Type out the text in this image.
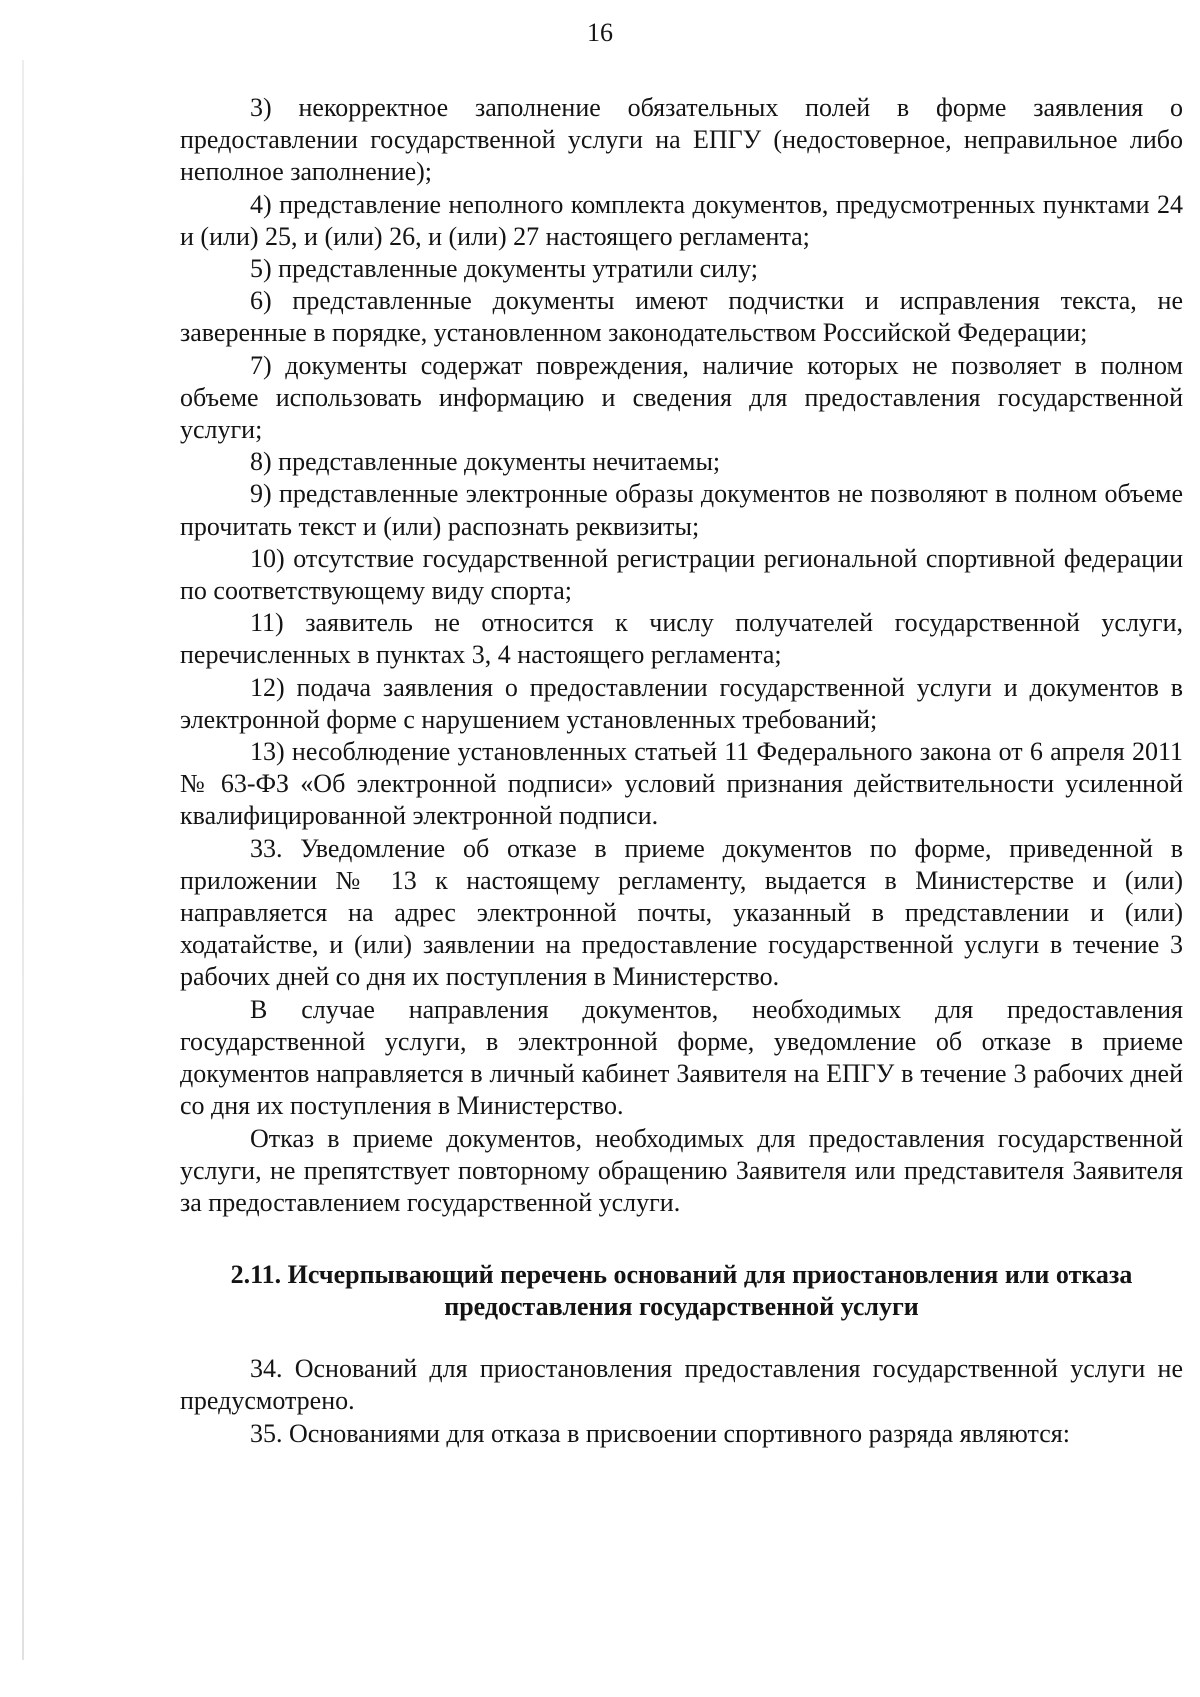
16

3) некорректное заполнение обязательных полей в форме заявления о предоставлении государственной услуги на ЕПГУ (недостоверное, неправильное либо неполное заполнение);

4) представление неполного комплекта документов, предусмотренных пунктами 24 и (или) 25, и (или) 26, и (или) 27 настоящего регламента;

5) представленные документы утратили силу;

6) представленные документы имеют подчистки и исправления текста, не заверенные в порядке, установленном законодательством Российской Федерации;

7) документы содержат повреждения, наличие которых не позволяет в полном объеме использовать информацию и сведения для предоставления государственной услуги;

8) представленные документы нечитаемы;

9) представленные электронные образы документов не позволяют в полном объеме прочитать текст и (или) распознать реквизиты;

10) отсутствие государственной регистрации региональной спортивной федерации по соответствующему виду спорта;

11) заявитель не относится к числу получателей государственной услуги, перечисленных в пунктах 3, 4 настоящего регламента;

12) подача заявления о предоставлении государственной услуги и документов в электронной форме с нарушением установленных требований;

13) несоблюдение установленных статьей 11 Федерального закона от 6 апреля 2011 № 63-ФЗ «Об электронной подписи» условий признания действительности усиленной квалифицированной электронной подписи.

33. Уведомление об отказе в приеме документов по форме, приведенной в приложении № 13 к настоящему регламенту, выдается в Министерстве и (или) направляется на адрес электронной почты, указанный в представлении и (или) ходатайстве, и (или) заявлении на предоставление государственной услуги в течение 3 рабочих дней со дня их поступления в Министерство.

В случае направления документов, необходимых для предоставления государственной услуги, в электронной форме, уведомление об отказе в приеме документов направляется в личный кабинет Заявителя на ЕПГУ в течение 3 рабочих дней со дня их поступления в Министерство.

Отказ в приеме документов, необходимых для предоставления государственной услуги, не препятствует повторному обращению Заявителя или представителя Заявителя за предоставлением государственной услуги.

2.11. Исчерпывающий перечень оснований для приостановления или отказа
предоставления государственной услуги

34. Оснований для приостановления предоставления государственной услуги не предусмотрено.

35. Основаниями для отказа в присвоении спортивного разряда являются:
